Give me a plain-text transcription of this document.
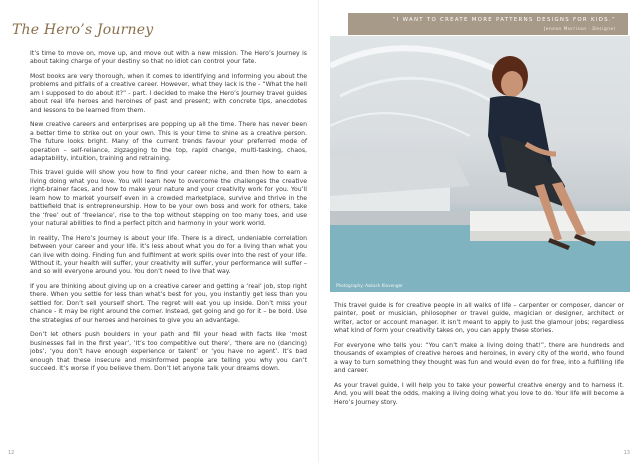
The Hero’s Journey

It’s time to move on, move up, and move out with a new mission. The Hero’s Journey is about taking charge of your destiny so that no idiot can control your fate.

Most books are very thorough, when it comes to identifying and informing you about the problems and pitfalls of a creative career. However, what they lack is the - “What the hell am I supposed to do about it?” - part. I decided to make the Hero’s Journey travel guides about real life heroes and heroines of past and present; with concrete tips, anecdotes and lessons to be learned from them.

New creative careers and enterprises are popping up all the time. There has never been a better time to strike out on your own. This is your time to shine as a creative person. The future looks bright. Many of the current trends favour your preferred mode of operation – self-reliance, zigzagging to the top, rapid change, multi-tasking, chaos, adaptability, intuition, training and retraining.

This travel guide will show you how to find your career niche, and then how to earn a living doing what you love. You will learn how to overcome the challenges the creative right-brainer faces, and how to make your nature and your creativity work for you. You’ll learn how to market yourself even in a crowded marketplace, survive and thrive in the battlefield that is entrepreneurship. How to be your own boss and work for others, take the ‘free’ out of ‘freelance’, rise to the top without stepping on too many toes, and use your natural abilities to find a perfect pitch and harmony in your work world.

In reality, The Hero’s Journey is about your life. There is a direct, undeniable correlation between your career and your life. It’s less about what you do for a living than what you can live with doing. Finding fun and fulfilment at work spills over into the rest of your life. Without it, your health will suffer, your creativity will suffer, your performance will suffer – and so will everyone around you. You don’t need to live that way.

If you are thinking about giving up on a creative career and getting a ‘real’ job, stop right there. When you settle for less than what’s best for you, you instantly get less than you settled for. Don’t sell yourself short. The regret will eat you up inside. Don’t miss your chance - it may be right around the corner. Instead, get going and go for it – be bold. Use the strategies of our heroes and heroines to give you an advantage.

Don’t let others push boulders in your path and fill your head with facts like ‘most businesses fail in the first year’, ‘It’s too competitive out there’, ‘there are no (dancing) jobs’, ‘you don’t have enough experience or talent’ or ‘you have no agent’. It’s bad enough that these insecure and misinformed people are telling you why you can’t succeed. It’s worse if you believe them. Don’t let anyone talk your dreams down.

12	13
“I WANT TO CREATE MORE PATTERNS DESIGNS FOR KIDS.”
Jenean Morrison · Designer
Photography: Aakash Klovenger

This travel guide is for creative people in all walks of life – carpenter or composer, dancer or painter, poet or musician, philosopher or travel guide, magician or designer, architect or writer, actor or account manager. It isn’t meant to apply to just the glamour jobs; regardless what kind of form your creativity takes on, you can apply these stories.

For everyone who tells you: “You can’t make a living doing that!”, there are hundreds and thousands of examples of creative heroes and heroines, in every city of the world, who found a way to turn something they thought was fun and would even do for free, into a fulfilling life and career.

As your travel guide, I will help you to take your powerful creative energy and to harness it. And, you will beat the odds, making a living doing what you love to do. Your life will become a Hero’s Journey story.
